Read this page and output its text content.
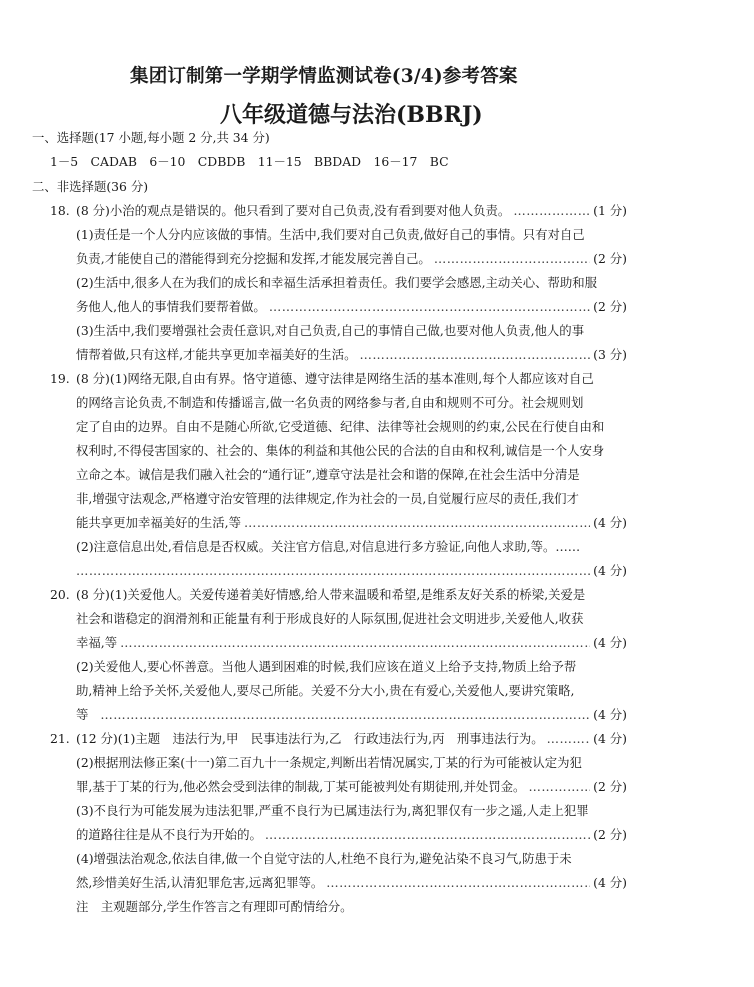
集团订制第一学期学情监测试卷(3/4)参考答案
八年级道德与法治(BBRJ)
一、选择题(17 小题,每小题 2 分,共 34 分)
1－5　CADAB　6－10　CDBDB　11－15　BBDAD　16－17　BC
二、非选择题(36 分)
18. (8 分)小治的观点是错误的。他只看到了要对自己负责,没有看到要对他人负责。 ……………………………………………………………………………………………………………………………………………………………	(1 分)
(1)责任是一个人分内应该做的事情。生活中,我们要对自己负责,做好自己的事情。只有对自己
负责,才能使自己的潜能得到充分挖掘和发挥,才能发展完善自己。 ……………………………………………………………………………………………………………………………………………………………	(2 分)
(2)生活中,很多人在为我们的成长和幸福生活承担着责任。我们要学会感恩,主动关心、帮助和服
务他人,他人的事情我们要帮着做。 ……………………………………………………………………………………………………………………………………………………………	(2 分)
(3)生活中,我们要增强社会责任意识,对自己负责,自己的事情自己做,也要对他人负责,他人的事
情帮着做,只有这样,才能共享更加幸福美好的生活。 ……………………………………………………………………………………………………………………………………………………………	(3 分)
19. (8 分)(1)网络无限,自由有界。恪守道德、遵守法律是网络生活的基本准则,每个人都应该对自己
的网络言论负责,不制造和传播谣言,做一名负责的网络参与者,自由和规则不可分。社会规则划
定了自由的边界。自由不是随心所欲,它受道德、纪律、法律等社会规则的约束,公民在行使自由和
权利时,不得侵害国家的、社会的、集体的利益和其他公民的合法的自由和权利,诚信是一个人安身
立命之本。诚信是我们融入社会的“通行证”,遵章守法是社会和谐的保障,在社会生活中分清是
非,增强守法观念,严格遵守治安管理的法律规定,作为社会的一员,自觉履行应尽的责任,我们才
能共享更加幸福美好的生活,等 ……………………………………………………………………………………………………………………………………………………………	(4 分)
(2)注意信息出处,看信息是否权威。关注官方信息,对信息进行多方验证,向他人求助,等。……
……………………………………………………………………………………………………………………………………………………………
(4 分)
20. (8 分)(1)关爱他人。关爱传递着美好情感,给人带来温暖和希望,是维系友好关系的桥梁,关爱是
社会和谐稳定的润滑剂和正能量有利于形成良好的人际氛围,促进社会文明进步,关爱他人,收获
幸福,等 ……………………………………………………………………………………………………………………………………………………………	(4 分)
(2)关爱他人,要心怀善意。当他人遇到困难的时候,我们应该在道义上给予支持,物质上给予帮
助,精神上给予关怀,关爱他人,要尽己所能。关爱不分大小,贵在有爱心,关爱他人,要讲究策略,
等 ……………………………………………………………………………………………………………………………………………………………	(4 分)
21. (12 分)(1)主题　违法行为,甲　民事违法行为,乙　行政违法行为,丙　刑事违法行为。 ……………………………………………………………………………………………………………………………………………………………	(4 分)
(2)根据刑法修正案(十一)第二百九十一条规定,判断出若情况属实,丁某的行为可能被认定为犯
罪,基于丁某的行为,他必然会受到法律的制裁,丁某可能被判处有期徒刑,并处罚金。 ……………………………………………………………………………………………………………………………………………………………	(2 分)
(3)不良行为可能发展为违法犯罪,严重不良行为已属违法行为,离犯罪仅有一步之遥,人走上犯罪
的道路往往是从不良行为开始的。 ……………………………………………………………………………………………………………………………………………………………	(2 分)
(4)增强法治观念,依法自律,做一个自觉守法的人,杜绝不良行为,避免沾染不良习气,防患于未
然,珍惜美好生活,认清犯罪危害,远离犯罪等。 ……………………………………………………………………………………………………………………………………………………………	(4 分)
注　主观题部分,学生作答言之有理即可酌情给分。
